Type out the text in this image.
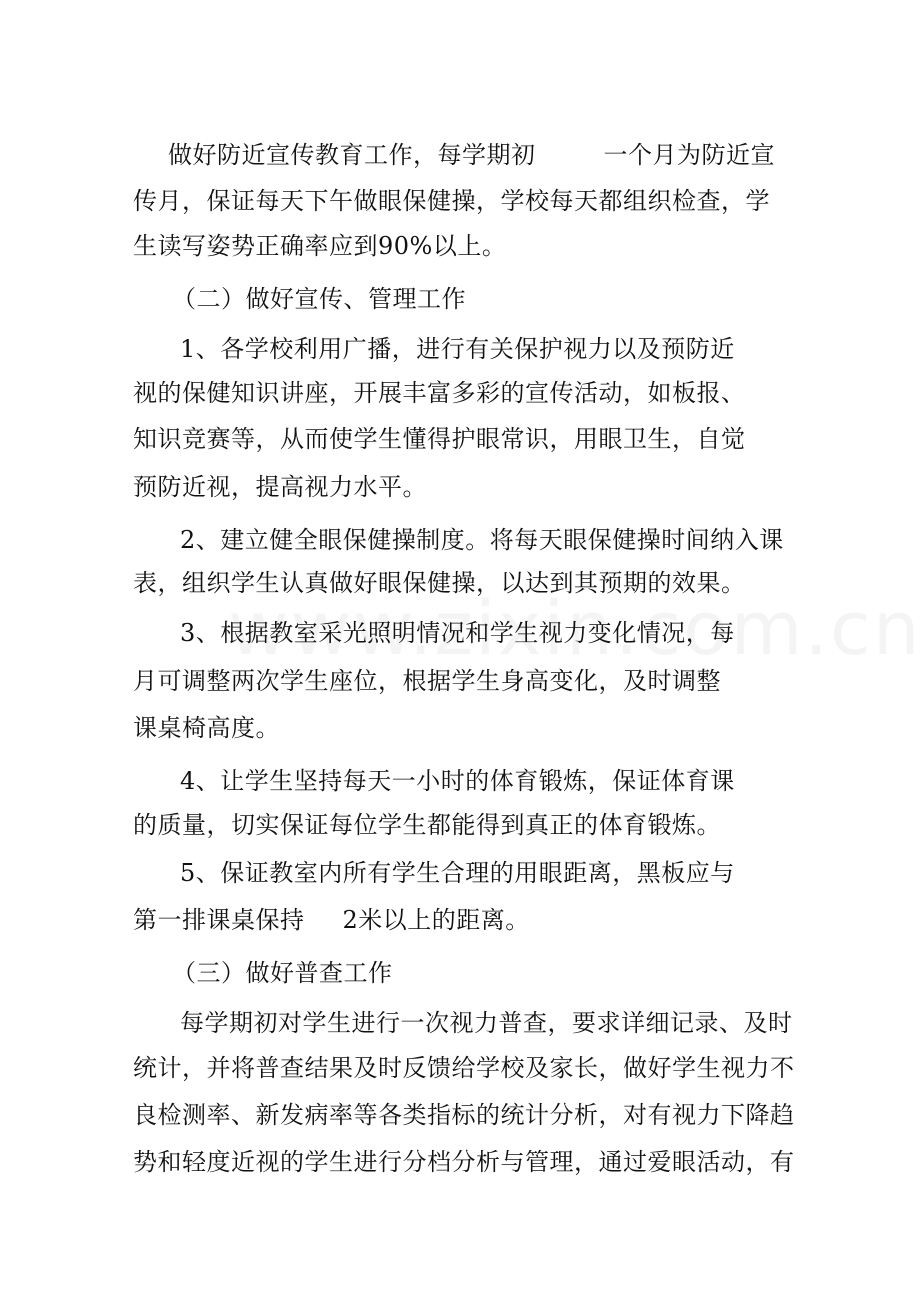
做好防近宣传教育工作，每学期初	一个月为防近宣
传月，保证每天下午做眼保健操，学校每天都组织检查，学
生读写姿势正确率应到90%以上。
（二）做好宣传、管理工作
1、各学校利用广播，进行有关保护视力以及预防近
视的保健知识讲座，开展丰富多彩的宣传活动，如板报、
知识竞赛等，从而使学生懂得护眼常识，用眼卫生，自觉
预防近视，提高视力水平。
2、建立健全眼保健操制度。将每天眼保健操时间纳入课
表，组织学生认真做好眼保健操，以达到其预期的效果。
3、根据教室采光照明情况和学生视力变化情况，每
月可调整两次学生座位，根据学生身高变化，及时调整
课桌椅高度。
4、让学生坚持每天一小时的体育锻炼，保证体育课
的质量，切实保证每位学生都能得到真正的体育锻炼。
5、保证教室内所有学生合理的用眼距离，黑板应与
第一排课桌保持 2米以上的距离。
（三）做好普查工作
每学期初对学生进行一次视力普查，要求详细记录、及时
统计，并将普查结果及时反馈给学校及家长，做好学生视力不
良检测率、新发病率等各类指标的统计分析，对有视力下降趋
势和轻度近视的学生进行分档分析与管理，通过爱眼活动，有
